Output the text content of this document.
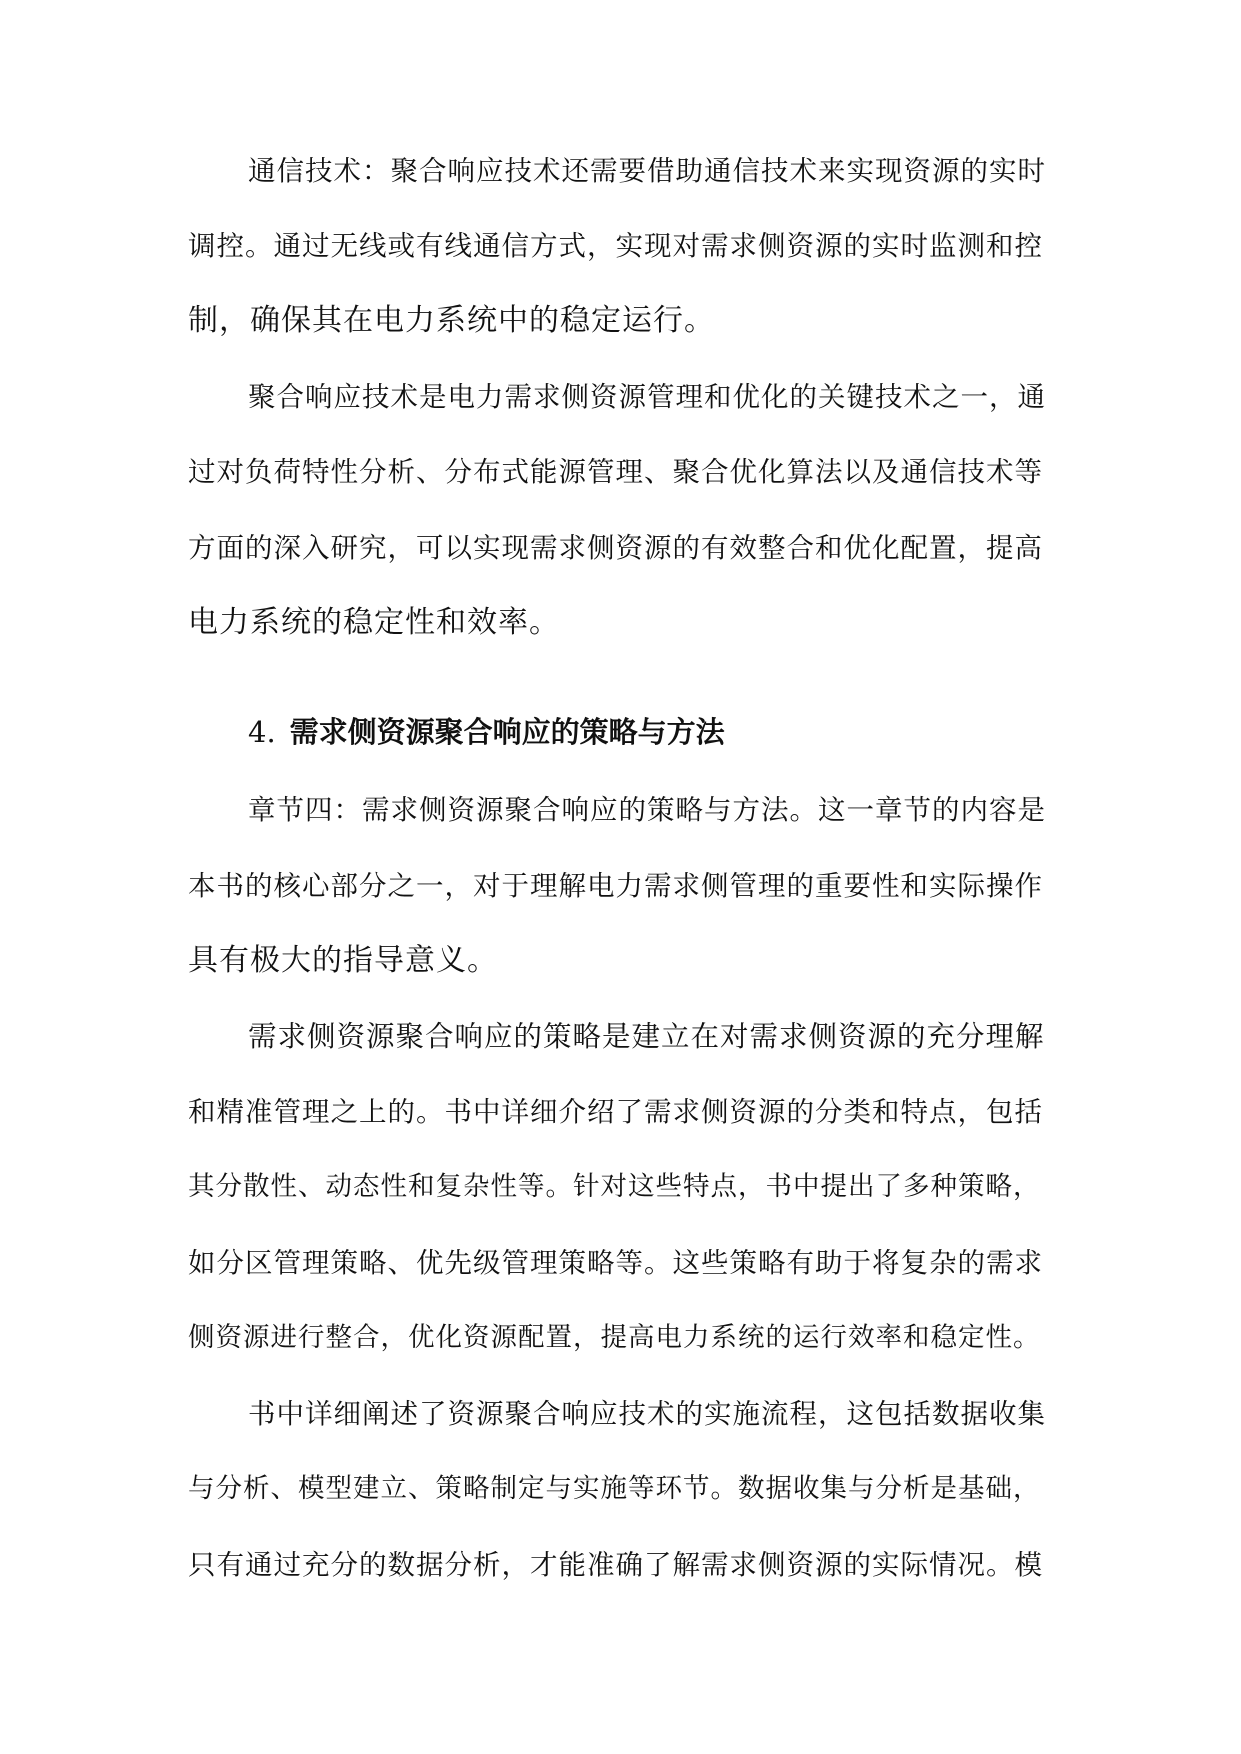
通信技术：聚合响应技术还需要借助通信技术来实现资源的实时
调控。通过无线或有线通信方式，实现对需求侧资源的实时监测和控
制，确保其在电力系统中的稳定运行。
聚合响应技术是电力需求侧资源管理和优化的关键技术之一，通
过对负荷特性分析、分布式能源管理、聚合优化算法以及通信技术等
方面的深入研究，可以实现需求侧资源的有效整合和优化配置，提高
电力系统的稳定性和效率。
4. 需求侧资源聚合响应的策略与方法
章节四：需求侧资源聚合响应的策略与方法。这一章节的内容是
本书的核心部分之一，对于理解电力需求侧管理的重要性和实际操作
具有极大的指导意义。
需求侧资源聚合响应的策略是建立在对需求侧资源的充分理解
和精准管理之上的。书中详细介绍了需求侧资源的分类和特点，包括
其分散性、动态性和复杂性等。针对这些特点，书中提出了多种策略，
如分区管理策略、优先级管理策略等。这些策略有助于将复杂的需求
侧资源进行整合，优化资源配置，提高电力系统的运行效率和稳定性。
书中详细阐述了资源聚合响应技术的实施流程，这包括数据收集
与分析、模型建立、策略制定与实施等环节。数据收集与分析是基础，
只有通过充分的数据分析，才能准确了解需求侧资源的实际情况。模
